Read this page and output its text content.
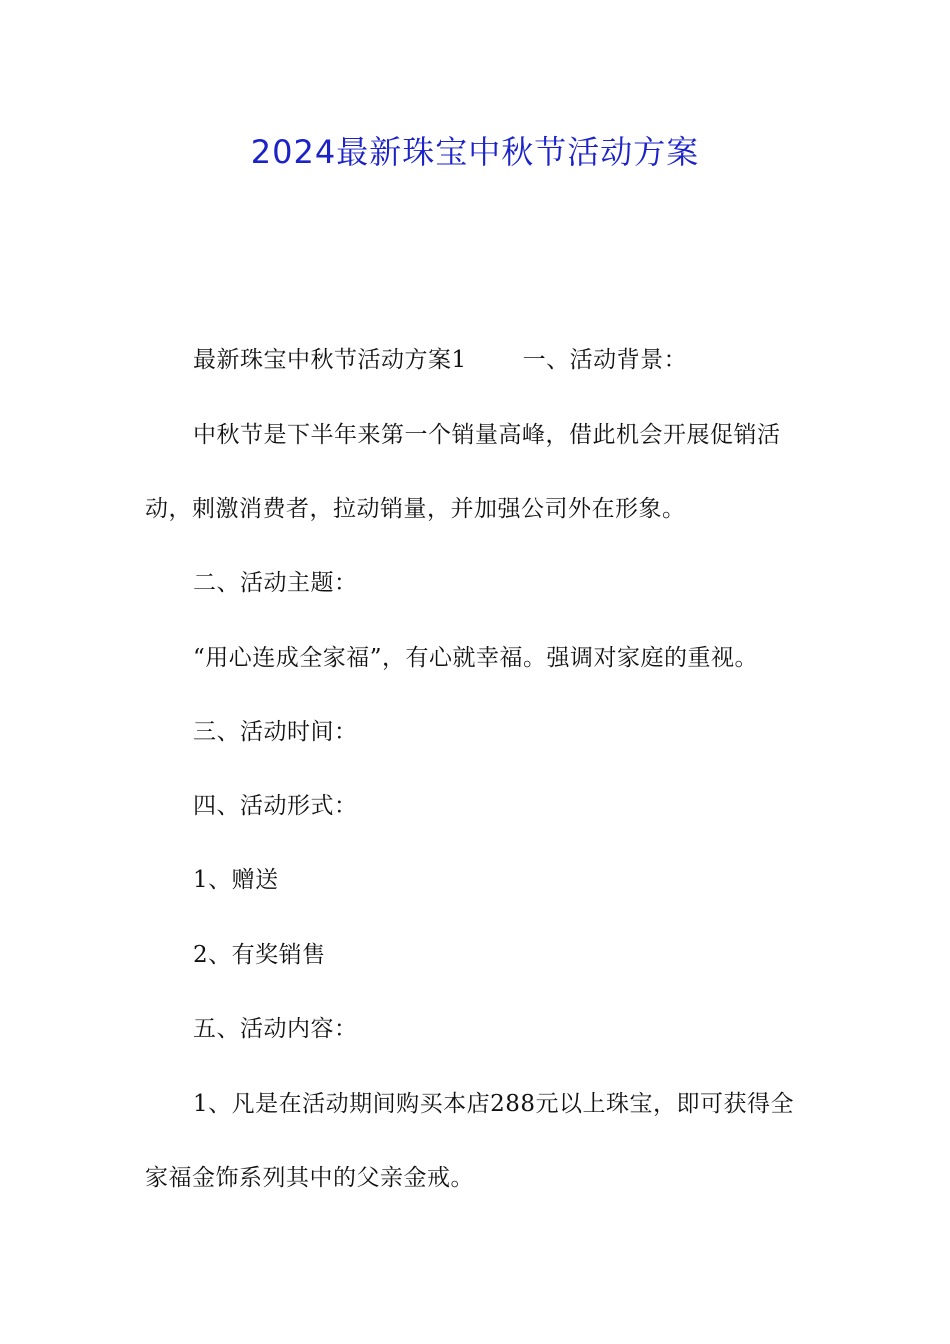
2024最新珠宝中秋节活动方案

最新珠宝中秋节活动方案1 一、活动背景：

中秋节是下半年来第一个销量高峰，借此机会开展促销活动，刺激消费者，拉动销量，并加强公司外在形象。

二、活动主题：

“用心连成全家福”，有心就幸福。强调对家庭的重视。

三、活动时间：

四、活动形式：

1、赠送

2、有奖销售

五、活动内容：

1、凡是在活动期间购买本店288元以上珠宝，即可获得全家福金饰系列其中的父亲金戒。
